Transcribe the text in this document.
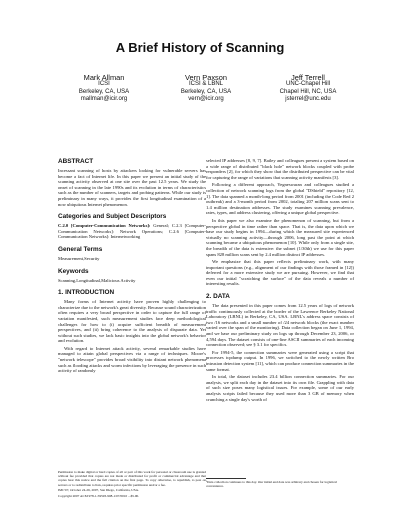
A Brief History of Scanning
Mark Allman
ICSI
Berkeley, CA, USA
mallman@icir.org
Vern Paxson
ICSI & LBNL
Berkeley, CA, USA
vern@icir.org
Jeff Terrell
UNC-Chapel Hill
Chapel Hill, NC, USA
jsterrel@unc.edu
ABSTRACT

Incessant scanning of hosts by attackers looking for vulnerable servers has become a fact of Internet life. In this paper we present an initial study of the scanning activity observed at one site over the past 12.5 years. We study the onset of scanning in the late 1990s and its evolution in terms of characteristics such as the number of scanners, targets and probing patterns. While our study is preliminary in many ways, it provides the first longitudinal examination of a now ubiquitous Internet phenomenon.

Categories and Subject Descriptors

C.2.0 [Computer-Communication Networks]: General; C.2.3 [Computer-Communication Networks]: Network Operations; C.2.6 [Computer-Communication Networks]: Internetworking

General Terms

Measurement,Security

Keywords

Scanning,Longitudinal,Malicious Activity

1. INTRODUCTION

Many forms of Internet activity have proven highly challenging to characterize due to the network's great diversity. Because sound characterization often requires a very broad perspective in order to capture the full range of variation manifested, such measurement studies face deep methodological challenges for how to (i) acquire sufficient breadth of measurement perspectives, and (ii) bring coherence to the analysis of disparate data. Yet without such studies, we lack basic insights into the global network's behavior and evolution.

With regard to Internet attack activity, several remarkable studies have managed to attain global perspectives via a range of techniques. Moore's "network telescope" provides broad visibility into distant network phenomena such as flooding attacks and worm infections by leveraging the presence in such activity of randomly

selected IP addresses [8, 9, 7]. Bailey and colleagues present a system based on a wide range of distributed "black hole" network blocks coupled with probe responders [2], for which they show that the distributed perspective can be vital for capturing the range of variations that scanning activity manifests [3].

Following a different approach, Yegneswaran and colleagues studied a collection of network scanning logs from the global "DShield" repository [12, 1]. The data spanned a month-long period from 2001 (including the Code Red 2 outbreak) and a 3-month period from 2002, totaling 207 million scans sent to 1.4 million destination addresses. The study examines scanning prevalence, rates, types, and address clustering, offering a unique global perspective.

In this paper we also examine the phenomenon of scanning, but from a perspective global in time rather than space. That is, the data upon which we base our study begins in 1994—during which the measured site experienced virtually no scanning activity—through 2006, long past the point at which scanning became a ubiquitous phenomenon [10]. While only from a single site, the breadth of the data is extensive: the subnet (1/30th) we use for this paper spans 828 million scans sent by 2.4 million distinct IP addresses.

We emphasize that this paper reflects preliminary work, with many important questions (e.g., alignment of our findings with those framed in [12]) deferred for a more extensive study we are pursuing. However, we find that even our initial "scratching the surface" of the data reveals a number of interesting results.

2. DATA

The data presented in this paper comes from 12.5 years of logs of network traffic continuously collected at the border of the Lawrence Berkeley National Laboratory (LBNL) in Berkeley, CA, USA. LBNL's address space consists of two /16 networks and a small number of /24 network blocks (the exact number varied over the span of the monitoring). Data collection began on June 1, 1994, and we base our preliminary study on logs up through December 23, 2006, or 4,594 days. The dataset consists of one-line ASCII summaries of each incoming connection observed; see § 3.1 for specifics.

For 1994-5, the connection summaries were generated using a script that processes tcpdump output. In 1996, we switched to the newly written Bro intrusion detection system [11], which can produce connection summaries in the same format.

In total, the dataset includes 23.4 billion connection summaries. For our analysis, we split each day in the dataset into its own file. Grappling with data of such size poses many logistical issues. For example, some of our early analysis scripts failed because they used more than 3 GB of memory when crunching a single day's worth of

Permission to make digital or hard copies of all or part of this work for personal or classroom use is granted without fee provided that copies are not made or distributed for profit or commercial advantage and that copies bear this notice and the full citation on the first page. To copy otherwise, to republish, to post on servers or to redistribute to lists, requires prior specific permission and/or a fee.

IMC'07, October 24-26, 2007, San Diego, California, USA.

Copyright 2007 ACM 978-1-59593-908-1/07/0010 ...$5.00.

¹Data collection continues to this day. Our initial end date was arbitrary and chosen for logistical convenience.
